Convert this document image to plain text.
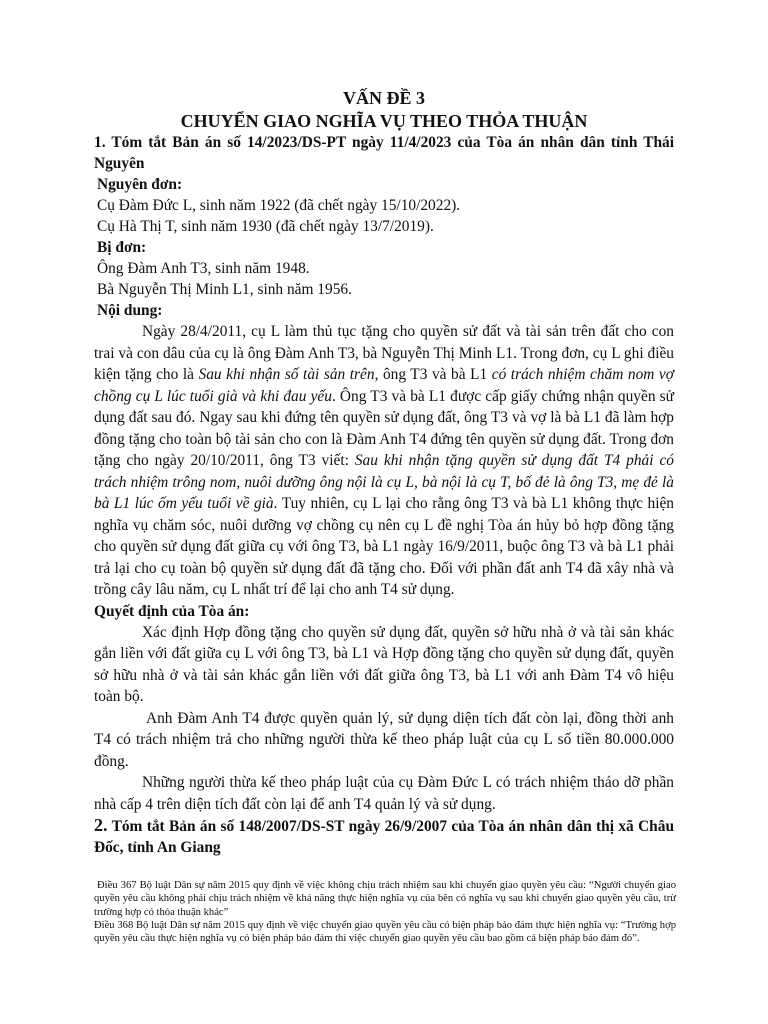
VẤN ĐỀ 3

CHUYỂN GIAO NGHĨA VỤ THEO THỎA THUẬN

1. Tóm tắt Bản án số 14/2023/DS-PT ngày 11/4/2023 của Tòa án nhân dân tỉnh Thái Nguyên

Nguyên đơn:

Cụ Đàm Đức L, sinh năm 1922 (đã chết ngày 15/10/2022).

Cụ Hà Thị T, sinh năm 1930 (đã chết ngày 13/7/2019).

Bị đơn:

Ông Đàm Anh T3, sinh năm 1948.

Bà Nguyễn Thị Minh L1, sinh năm 1956.

Nội dung:

Ngày 28/4/2011, cụ L làm thủ tục tặng cho quyền sử đất và tài sản trên đất cho con trai và con dâu của cụ là ông Đàm Anh T3, bà Nguyễn Thị Minh L1. Trong đơn, cụ L ghi điều kiện tặng cho là Sau khi nhận số tài sản trên, ông T3 và bà L1 có trách nhiệm chăm nom vợ chồng cụ L lúc tuổi già và khi đau yếu. Ông T3 và bà L1 được cấp giấy chứng nhận quyền sử dụng đất sau đó. Ngay sau khi đứng tên quyền sử dụng đất, ông T3 và vợ là bà L1 đã làm hợp đồng tặng cho toàn bộ tài sản cho con là Đàm Anh T4 đứng tên quyền sử dụng đất. Trong đơn tặng cho ngày 20/10/2011, ông T3 viết: Sau khi nhận tặng quyền sử dụng đất T4 phải có trách nhiệm trông nom, nuôi dưỡng ông nội là cụ L, bà nội là cụ T, bố đẻ là ông T3, mẹ đẻ là bà L1 lúc ốm yếu tuổi về già. Tuy nhiên, cụ L lại cho rằng ông T3 và bà L1 không thực hiện nghĩa vụ chăm sóc, nuôi dưỡng vợ chồng cụ nên cụ L đề nghị Tòa án hủy bỏ hợp đồng tặng cho quyền sử dụng đất giữa cụ với ông T3, bà L1 ngày 16/9/2011, buộc ông T3 và bà L1 phải trả lại cho cụ toàn bộ quyền sử dụng đất đã tặng cho. Đối với phần đất anh T4 đã xây nhà và trồng cây lâu năm, cụ L nhất trí để lại cho anh T4 sử dụng.

Quyết định của Tòa án:

Xác định Hợp đồng tặng cho quyền sử dụng đất, quyền sở hữu nhà ở và tài sản khác gắn liền với đất giữa cụ L với ông T3, bà L1 và Hợp đồng tặng cho quyền sử dụng đất, quyền sở hữu nhà ở và tài sản khác gắn liền với đất giữa ông T3, bà L1 với anh Đàm T4 vô hiệu toàn bộ.

Anh Đàm Anh T4 được quyền quản lý, sử dụng diện tích đất còn lại, đồng thời anh T4 có trách nhiệm trả cho những người thừa kế theo pháp luật của cụ L số tiền 80.000.000 đồng.

Những người thừa kế theo pháp luật của cụ Đàm Đức L có trách nhiệm tháo dỡ phần nhà cấp 4 trên diện tích đất còn lại để anh T4 quản lý và sử dụng.

2. Tóm tắt Bản án số 148/2007/DS-ST ngày 26/9/2007 của Tòa án nhân dân thị xã Châu Đốc, tỉnh An Giang

Điều 367 Bộ luật Dân sự năm 2015 quy định về việc không chịu trách nhiệm sau khi chuyển giao quyền yêu cầu: “Người chuyển giao quyền yêu cầu không phải chịu trách nhiệm về khả năng thực hiện nghĩa vụ của bên có nghĩa vụ sau khi chuyển giao quyền yêu cầu, trừ trường hợp có thỏa thuận khác”

Điều 368 Bộ luật Dân sự năm 2015 quy định về việc chuyển giao quyền yêu cầu có biện pháp bảo đảm thực hiện nghĩa vụ: “Trường hợp quyền yêu cầu thực hiện nghĩa vụ có biện pháp bảo đảm thì việc chuyển giao quyền yêu cầu bao gồm cả biện pháp bảo đảm đó”.
